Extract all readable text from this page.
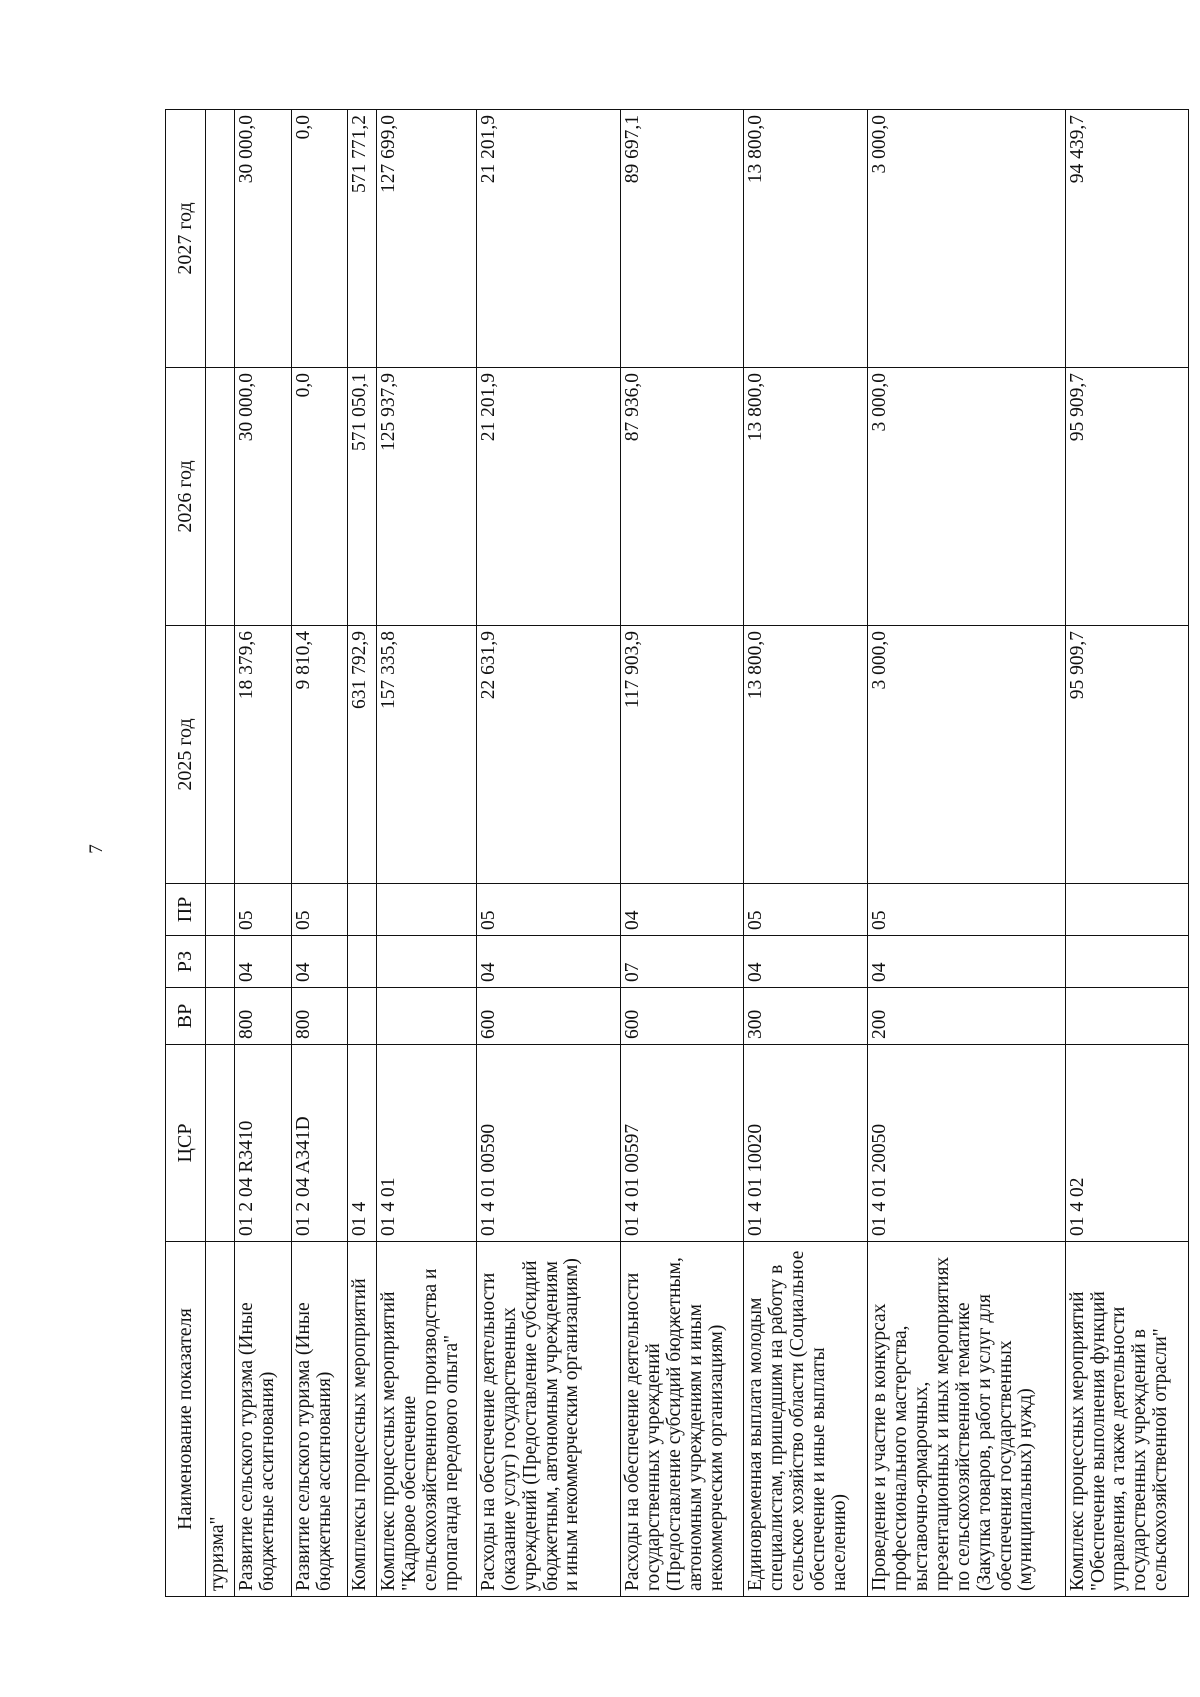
7
Наименование показателя	ЦСР	ВР	РЗ	ПР	2025 год	2026 год	2027 год
туризма"							
Развитие сельского туризма (Иные бюджетные ассигнования)	01 2 04 R3410	800	04	05	18 379,6	30 000,0	30 000,0
Развитие сельского туризма (Иные бюджетные ассигнования)	01 2 04 A341D	800	04	05	9 810,4	0,0	0,0
Комплексы процессных мероприятий	01 4				631 792,9	571 050,1	571 771,2
Комплекс процессных мероприятий "Кадровое обеспечение сельскохозяйственного производства и пропаганда передового опыта"	01 4 01				157 335,8	125 937,9	127 699,0
Расходы на обеспечение деятельности (оказание услуг) государственных учреждений (Предоставление субсидий бюджетным, автономным учреждениям и иным некоммерческим организациям)	01 4 01 00590	600	04	05	22 631,9	21 201,9	21 201,9
Расходы на обеспечение деятельности государственных учреждений (Предоставление субсидий бюджетным, автономным учреждениям и иным некоммерческим организациям)	01 4 01 00597	600	07	04	117 903,9	87 936,0	89 697,1
Единовременная выплата молодым специалистам, пришедшим на работу в сельское хозяйство области (Социальное обеспечение и иные выплаты населению)	01 4 01 10020	300	04	05	13 800,0	13 800,0	13 800,0
Проведение и участие в конкурсах профессионального мастерства, выставочно-ярмарочных, презентационных и иных мероприятиях по сельскохозяйственной тематике (Закупка товаров, работ и услуг для обеспечения государственных (муниципальных) нужд)	01 4 01 20050	200	04	05	3 000,0	3 000,0	3 000,0
Комплекс процессных мероприятий "Обеспечение выполнения функций управления, а также деятельности государственных учреждений в сельскохозяйственной отрасли"	01 4 02				95 909,7	95 909,7	94 439,7
